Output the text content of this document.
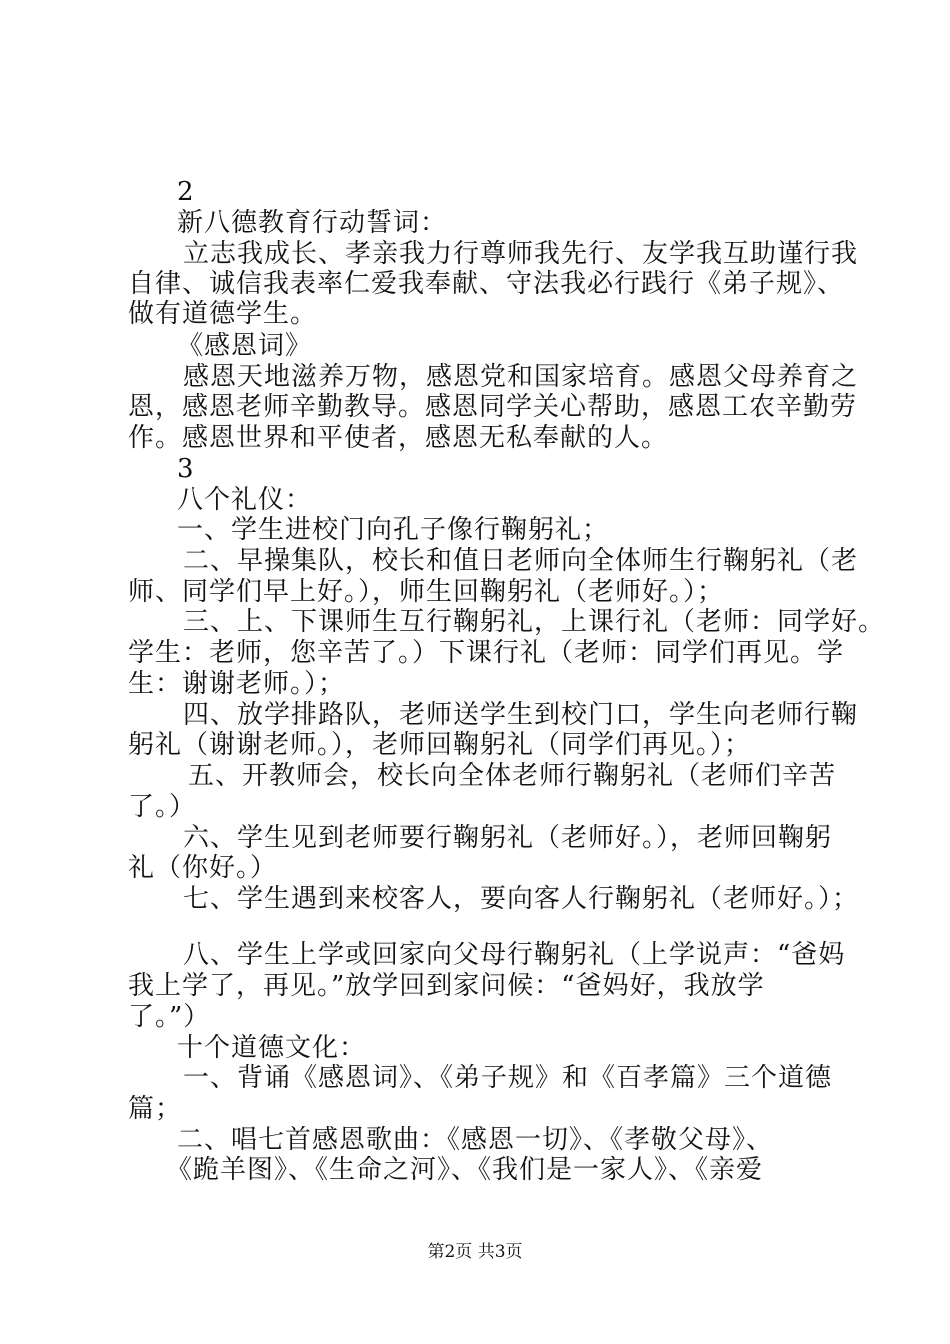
2
新八德教育行动誓词：
立志我成长、孝亲我力行尊师我先行、友学我互助谨行我
自律、诚信我表率仁爱我奉献、守法我必行践行《弟子规》、
做有道德学生。
《感恩词》
感恩天地滋养万物，感恩党和国家培育。感恩父母养育之
恩，感恩老师辛勤教导。感恩同学关心帮助，感恩工农辛勤劳
作。感恩世界和平使者，感恩无私奉献的人。
3
八个礼仪：
一、学生进校门向孔子像行鞠躬礼；
二、早操集队，校长和值日老师向全体师生行鞠躬礼（老
师、同学们早上好。），师生回鞠躬礼（老师好。）；
三、上、下课师生互行鞠躬礼，上课行礼（老师：同学好。
学生：老师，您辛苦了。）下课行礼（老师：同学们再见。学
生：谢谢老师。）；
四、放学排路队，老师送学生到校门口，学生向老师行鞠
躬礼（谢谢老师。），老师回鞠躬礼（同学们再见。）；
五、开教师会，校长向全体老师行鞠躬礼（老师们辛苦
了。）
六、学生见到老师要行鞠躬礼（老师好。），老师回鞠躬
礼（你好。）
七、学生遇到来校客人，要向客人行鞠躬礼（老师好。）；
八、学生上学或回家向父母行鞠躬礼（上学说声：“爸妈
我上学了，再见。”放学回到家问候：“爸妈好，我放学
了。”）
十个道德文化：
一、背诵《感恩词》、《弟子规》和《百孝篇》三个道德
篇；
二、唱七首感恩歌曲：《感恩一切》、《孝敬父母》、
《跪羊图》、《生命之河》、《我们是一家人》、《亲爱
第2页 共3页
